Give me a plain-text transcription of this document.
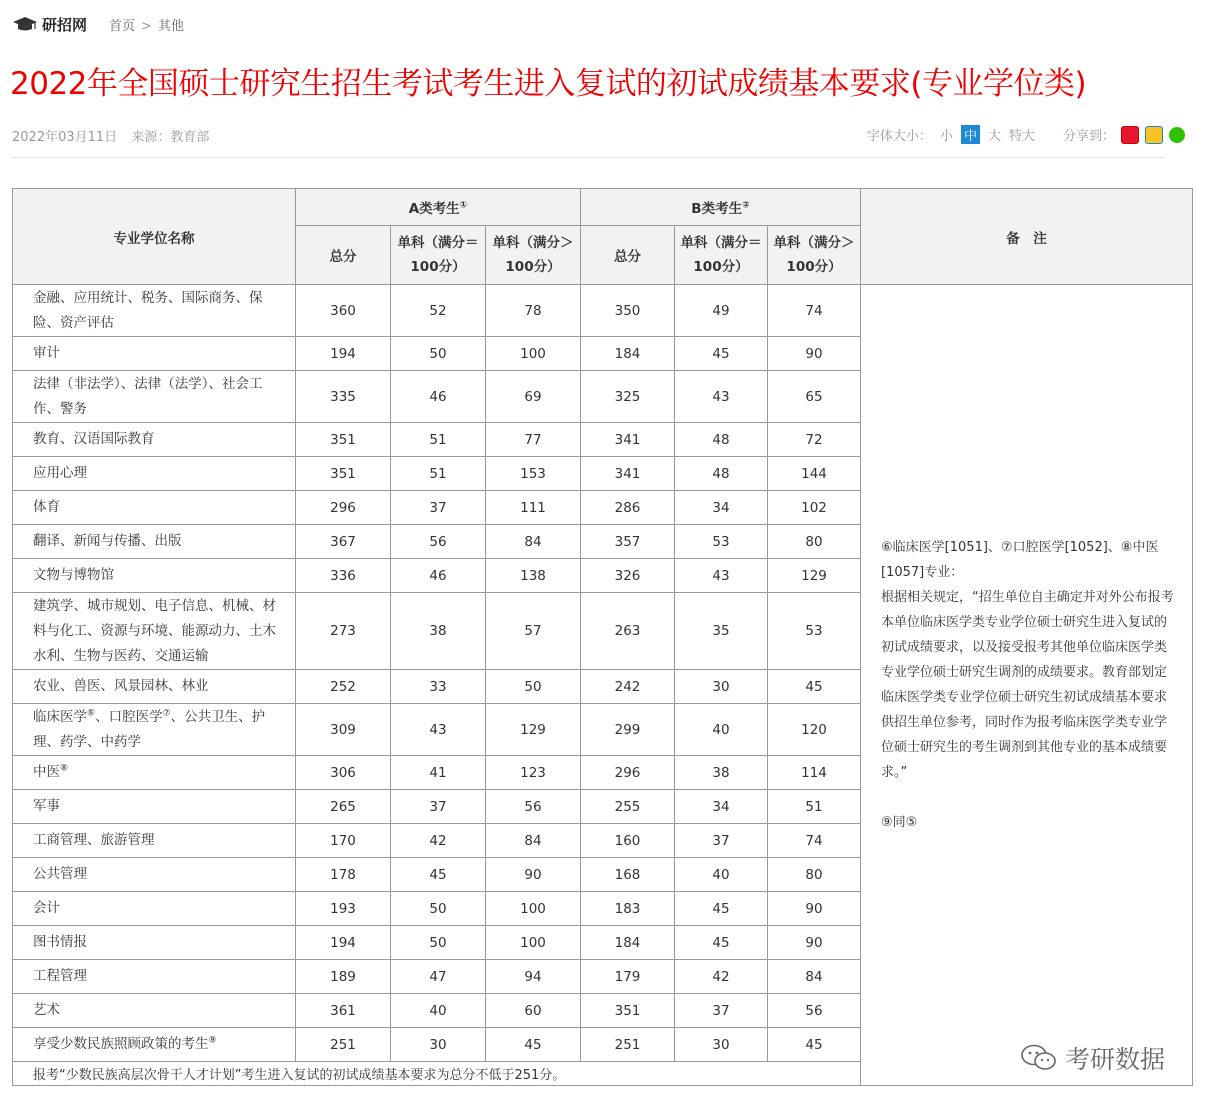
研招网 首页 > 其他
2022年全国硕士研究生招生考试考生进入复试的初试成绩基本要求(专业学位类)
2022年03月11日 来源：教育部	字体大小： 小 中 大 特大 分享到：
专业学位名称	A类考生①			B类考生②			备　注
	总分	单科（满分＝
100分）	单科（满分＞
100分）	总分	单科（满分＝
100分）	单科（满分＞
100分）	

金融、应用统计、税务、国际商务、保险、资产评估	360	52	78	350	49	74	⑥临床医学[1051]、⑦口腔医学[1052]、⑧中医[1057]专业：
根据相关规定，“招生单位自主确定并对外公布报考本单位临床医学类专业学位硕士研究生进入复试的初试成绩要求，以及接受报考其他单位临床医学类专业学位硕士研究生调剂的成绩要求。教育部划定临床医学类专业学位硕士研究生初试成绩基本要求供招生单位参考，同时作为报考临床医学类专业学位硕士研究生的考生调剂到其他专业的基本成绩要求。”
⑨同⑤

审计	194	50	100	184	45	90	
法律（非法学）、法律（法学）、社会工作、警务	335	46	69	325	43	65	
教育、汉语国际教育	351	51	77	341	48	72	
应用心理	351	51	153	341	48	144	
体育	296	37	111	286	34	102	
翻译、新闻与传播、出版	367	56	84	357	53	80	
文物与博物馆	336	46	138	326	43	129	
建筑学、城市规划、电子信息、机械、材料与化工、资源与环境、能源动力、土木水利、生物与医药、交通运输	273	38	57	263	35	53	
农业、兽医、风景园林、林业	252	33	50	242	30	45	
临床医学⑥、口腔医学⑦、公共卫生、护理、药学、中药学	309	43	129	299	40	120	
中医⑧	306	41	123	296	38	114	
军事	265	37	56	255	34	51	
工商管理、旅游管理	170	42	84	160	37	74	
公共管理	178	45	90	168	40	80	
会计	193	50	100	183	45	90	
图书情报	194	50	100	184	45	90	
工程管理	189	47	94	179	42	84	
艺术	361	40	60	351	37	56	
享受少数民族照顾政策的考生⑨	251	30	45	251	30	45	
报考“少数民族高层次骨干人才计划”考生进入复试的初试成绩基本要求为总分不低于251分。							
考研数据
